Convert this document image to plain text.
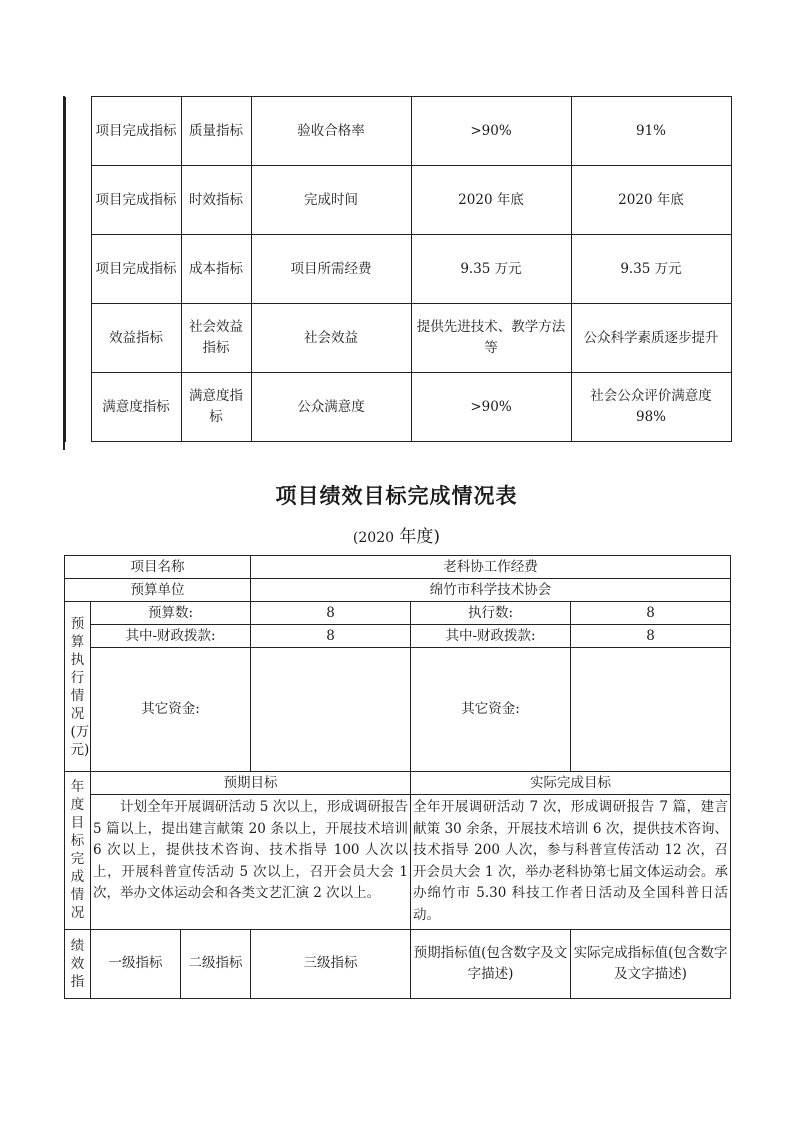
	项目完成指标	质量指标	验收合格率	>90%	91%
	项目完成指标	时效指标	完成时间	2020 年底	2020 年底
	项目完成指标	成本指标	项目所需经费	9.35 万元	9.35 万元
	效益指标	社会效益指标	社会效益	提供先进技术、教学方法等	公众科学素质逐步提升
	满意度指标	满意度指标	公众满意度	>90%	社会公众评价满意度 98%
项目绩效目标完成情况表
(2020 年度)
项目名称			老科协工作经费		
预算单位			绵竹市科学技术协会		

预算执行情况(万元)	预算数:		8	执行数:	8
	其中-财政拨款:		8	其中-财政拨款:	8
	其它资金:			其它资金:	

年度目标完成情况	预期目标			实际完成目标	
	计划全年开展调研活动 5 次以上，形成调研报告 5 篇以上，提出建言献策 20 条以上，开展技术培训 6 次以上，提供技术咨询、技术指导 100 人次以上，开展科普宣传活动 5 次以上，召开会员大会 1 次，举办文体运动会和各类文艺汇演 2 次以上。			全年开展调研活动 7 次，形成调研报告 7 篇，建言献策 30 余条，开展技术培训 6 次，提供技术咨询、技术指导 200 人次，参与科普宣传活动 12 次，召开会员大会 1 次，举办老科协第七届文体运动会。承办绵竹市 5.30 科技工作者日活动及全国科普日活动。	

绩效指	一级指标	二级指标	三级指标	预期指标值(包含数字及文字描述)	实际完成指标值(包含数字及文字描述)
